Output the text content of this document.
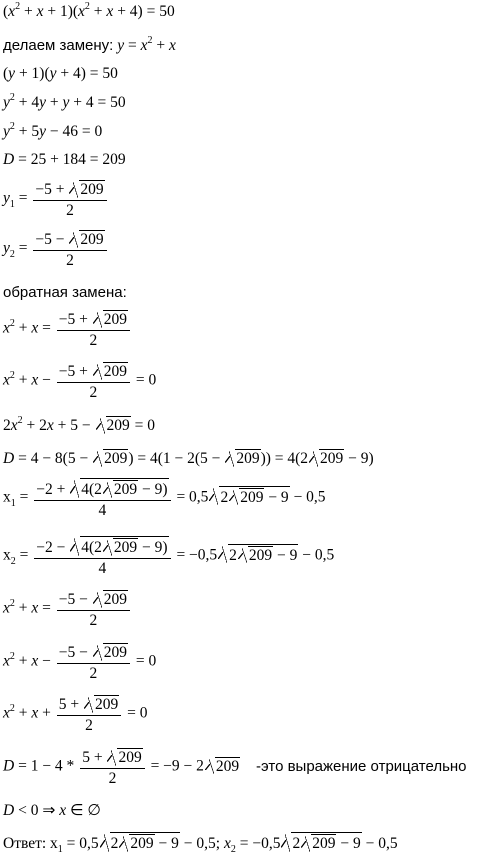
$(x^2 + x + 1)(x^2 + x + 4) = 50$
делаем замену: $y = x^2 + x$
(y + 1)(y + 4) = 50
$y^2 + 4y + y + 4 = 50$
$y^2 + 5y - 46 = 0$
D = 25 + 184 = 209
$y_1 = \frac{-5 + 209}{2}$
$y_2 = \frac{-5 - 209}{2}$
обратная замена:
$x^2 + x = \frac{-5 + 209}{2}$
$x^2 + x - \frac{-5 + 209}{2} = 0$
$2x^2 + 2x + 5 - 209 = 0$
D = 4 − 8(5 − 209) = 4(1 − 2(5 − 209)) = 4(2 209 − 9)
$x_1 = \frac{-2 + 4(2 209 - 9)}{4} = 0,5$ 2 209 − 9 − 0,5
$x_2 = \frac{-2 - 4(2 209 - 9)}{4} = -0,5$ 2 209 − 9 − 0,5
$x^2 + x = \frac{-5 - 209}{2}$
$x^2 + x - \frac{-5 - 209}{2} = 0$
$x^2 + x + \frac{5 + 209}{2} = 0$
$D = 1 - 4 * \frac{5 + 209}{2} = -9 - 2$ 209 -это выражение отрицательно
D < 0 ⇒ x ∈ ∅
Ответ: $x_1 = 0,5$ 2 209 − 9 − 0,5; $x_2 = -0,5$ 2 209 − 9 − 0,5
